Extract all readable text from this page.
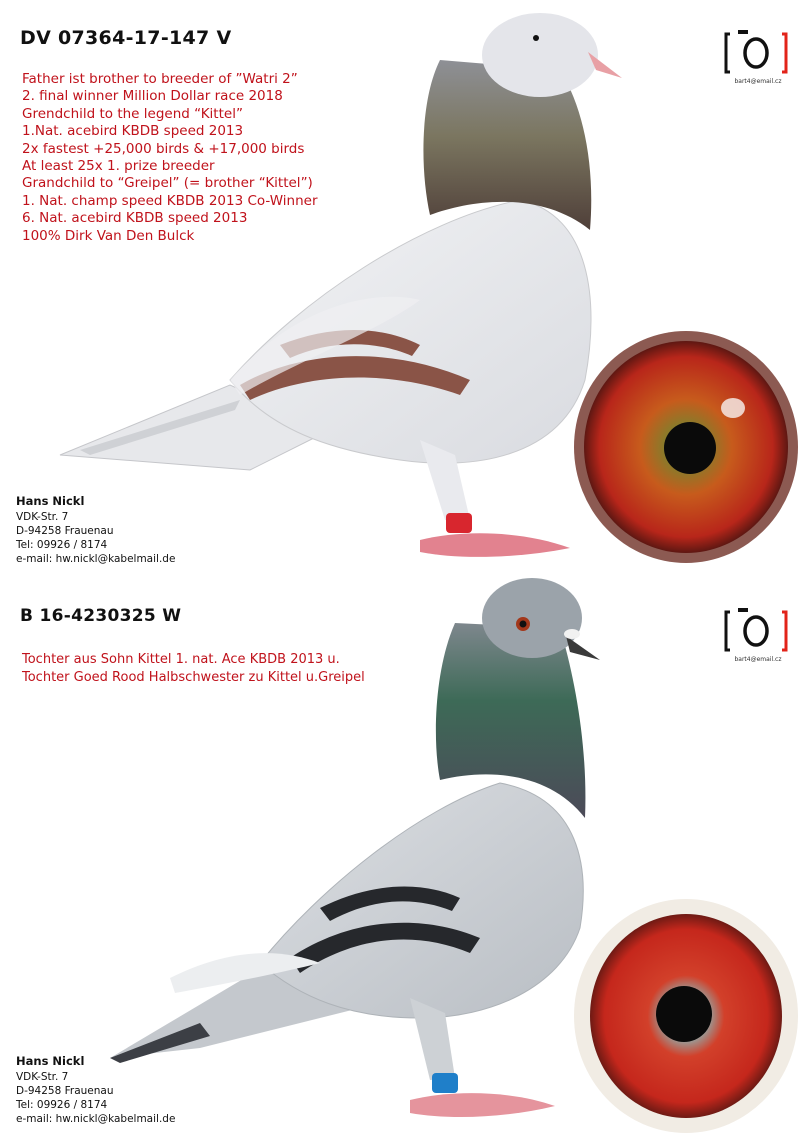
DV 07364-17-147 V
Father ist brother to breeder of ”Watri 2”
2. final winner Million Dollar race 2018
Grendchild to the legend “Kittel”
1.Nat. acebird KBDB speed 2013
2x fastest +25,000 birds & +17,000 birds
At least 25x 1. prize breeder
Grandchild to “Greipel” (= brother “Kittel”)
1. Nat. champ speed KBDB 2013 Co-Winner
6. Nat. acebird KBDB speed 2013
100% Dirk Van Den Bulck
Hans Nickl
VDK-Str. 7
D-94258 Frauenau
Tel: 09926 / 8174
e-mail: hw.nickl@kabelmail.de
bart4@email.cz
B 16-4230325 W
Tochter aus Sohn Kittel 1. nat. Ace KBDB 2013 u.
Tochter Goed Rood Halbschwester zu Kittel u.Greipel
Hans Nickl
VDK-Str. 7
D-94258 Frauenau
Tel: 09926 / 8174
e-mail: hw.nickl@kabelmail.de
bart4@email.cz
